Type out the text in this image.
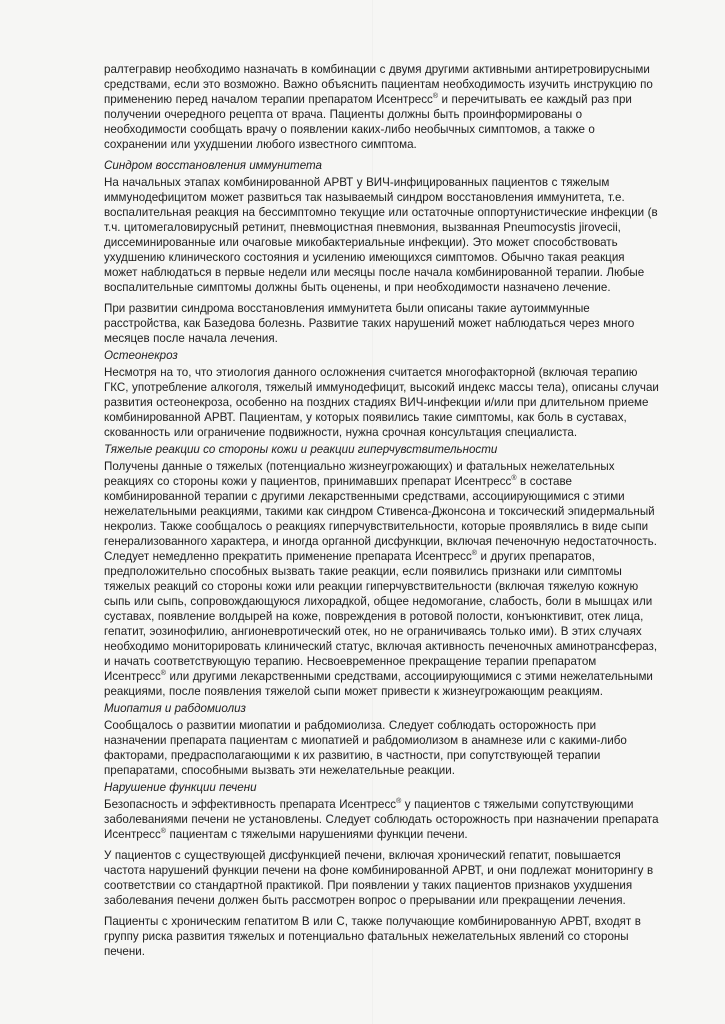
ралтегравир необходимо назначать в комбинации с двумя другими активными антиретровирусными средствами, если это возможно. Важно объяснить пациентам необходимость изучить инструкцию по применению перед началом терапии препаратом Исентресс® и перечитывать ее каждый раз при получении очередного рецепта от врача. Пациенты должны быть проинформированы о необходимости сообщать врачу о появлении каких-либо необычных симптомов, а также о сохранении или ухудшении любого известного симптома.

Синдром восстановления иммунитета

На начальных этапах комбинированной АРВТ у ВИЧ-инфицированных пациентов с тяжелым иммунодефицитом может развиться так называемый синдром восстановления иммунитета, т.е. воспалительная реакция на бессимптомно текущие или остаточные оппортунистические инфекции (в т.ч. цитомегаловирусный ретинит, пневмоцистная пневмония, вызванная Pneumocystis jirovecii, диссеминированные или очаговые микобактериальные инфекции). Это может способствовать ухудшению клинического состояния и усилению имеющихся симптомов. Обычно такая реакция может наблюдаться в первые недели или месяцы после начала комбинированной терапии. Любые воспалительные симптомы должны быть оценены, и при необходимости назначено лечение.

При развитии синдрома восстановления иммунитета были описаны такие аутоиммунные расстройства, как Базедова болезнь. Развитие таких нарушений может наблюдаться через много месяцев после начала лечения.

Остеонекроз

Несмотря на то, что этиология данного осложнения считается многофакторной (включая терапию ГКС, употребление алкоголя, тяжелый иммунодефицит, высокий индекс массы тела), описаны случаи развития остеонекроза, особенно на поздних стадиях ВИЧ-инфекции и/или при длительном приеме комбинированной АРВТ. Пациентам, у которых появились такие симптомы, как боль в суставах, скованность или ограничение подвижности, нужна срочная консультация специалиста.

Тяжелые реакции со стороны кожи и реакции гиперчувствительности

Получены данные о тяжелых (потенциально жизнеугрожающих) и фатальных нежелательных реакциях со стороны кожи у пациентов, принимавших препарат Исентресс® в составе комбинированной терапии с другими лекарственными средствами, ассоциирующимися с этими нежелательными реакциями, такими как синдром Стивенса-Джонсона и токсический эпидермальный некролиз. Также сообщалось о реакциях гиперчувствительности, которые проявлялись в виде сыпи генерализованного характера, и иногда органной дисфункции, включая печеночную недостаточность. Следует немедленно прекратить применение препарата Исентресс® и других препаратов, предположительно способных вызвать такие реакции, если появились признаки или симптомы тяжелых реакций со стороны кожи или реакции гиперчувствительности (включая тяжелую кожную сыпь или сыпь, сопровождающуюся лихорадкой, общее недомогание, слабость, боли в мышцах или суставах, появление волдырей на коже, повреждения в ротовой полости, конъюнктивит, отек лица, гепатит, эозинофилию, ангионевротический отек, но не ограничиваясь только ими). В этих случаях необходимо мониторировать клинический статус, включая активность печеночных аминотрансфераз, и начать соответствующую терапию. Несвоевременное прекращение терапии препаратом Исентресс® или другими лекарственными средствами, ассоциирующимися с этими нежелательными реакциями, после появления тяжелой сыпи может привести к жизнеугрожающим реакциям.

Миопатия и рабдомиолиз

Сообщалось о развитии миопатии и рабдомиолиза. Следует соблюдать осторожность при назначении препарата пациентам с миопатией и рабдомиолизом в анамнезе или с какими-либо факторами, предрасполагающими к их развитию, в частности, при сопутствующей терапии препаратами, способными вызвать эти нежелательные реакции.

Нарушение функции печени

Безопасность и эффективность препарата Исентресс® у пациентов с тяжелыми сопутствующими заболеваниями печени не установлены. Следует соблюдать осторожность при назначении препарата Исентресс® пациентам с тяжелыми нарушениями функции печени.

У пациентов с существующей дисфункцией печени, включая хронический гепатит, повышается частота нарушений функции печени на фоне комбинированной АРВТ, и они подлежат мониторингу в соответствии со стандартной практикой. При появлении у таких пациентов признаков ухудшения заболевания печени должен быть рассмотрен вопрос о прерывании или прекращении лечения.

Пациенты с хроническим гепатитом В или С, также получающие комбинированную АРВТ, входят в группу риска развития тяжелых и потенциально фатальных нежелательных явлений со стороны печени.
